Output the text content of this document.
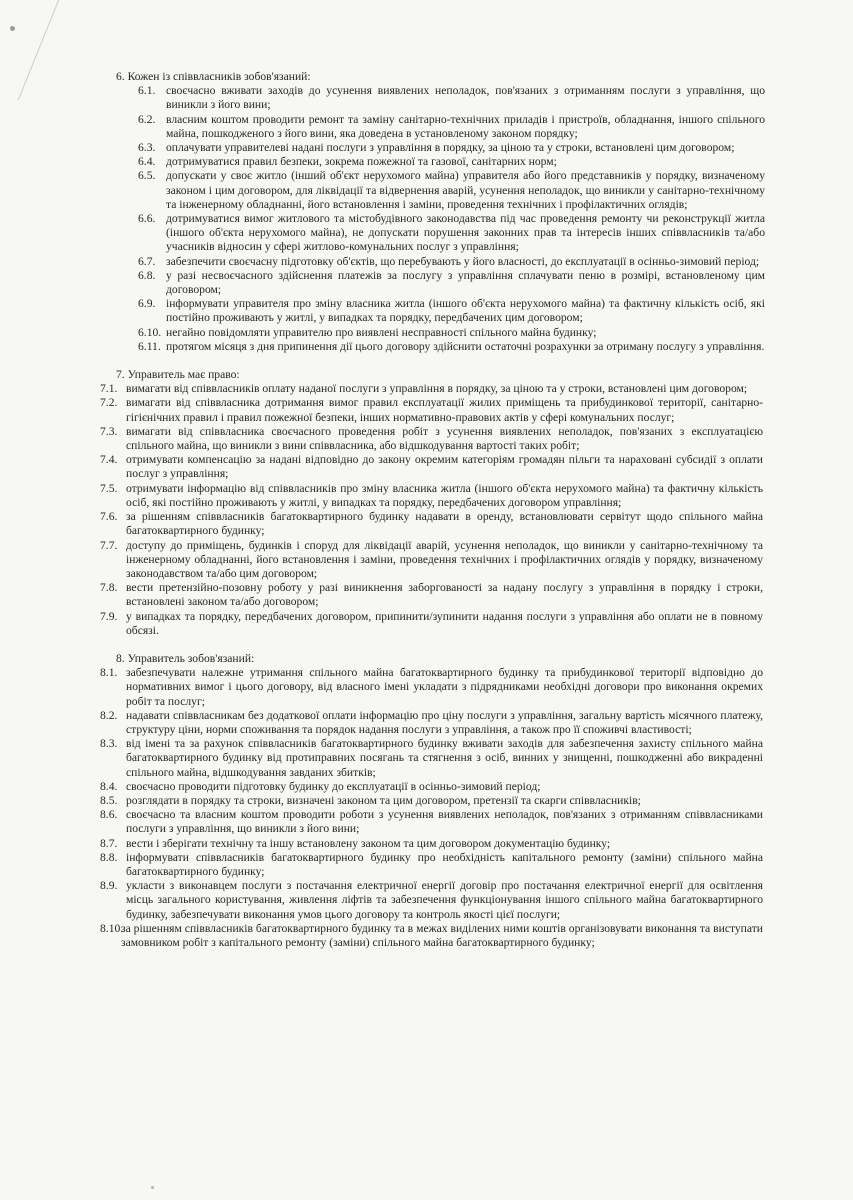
6. Кожен із співвласників зобов'язаний:

6.1. своєчасно вживати заходів до усунення виявлених неполадок, пов'язаних з отриманням послуги з управління, що виникли з його вини;
6.2. власним коштом проводити ремонт та заміну санітарно-технічних приладів і пристроїв, обладнання, іншого спільного майна, пошкодженого з його вини, яка доведена в установленому законом порядку;
6.3. оплачувати управителеві надані послуги з управління в порядку, за ціною та у строки, встановлені цим договором;
6.4. дотримуватися правил безпеки, зокрема пожежної та газової, санітарних норм;
6.5. допускати у своє житло (інший об'єкт нерухомого майна) управителя або його представників у порядку, визначеному законом і цим договором, для ліквідації та відвернення аварій, усунення неполадок, що виникли у санітарно-технічному та інженерному обладнанні, його встановлення і заміни, проведення технічних і профілактичних оглядів;
6.6. дотримуватися вимог житлового та містобудівного законодавства під час проведення ремонту чи реконструкції житла (іншого об'єкта нерухомого майна), не допускати порушення законних прав та інтересів інших співвласників та/або учасників відносин у сфері житлово-комунальних послуг з управління;
6.7. забезпечити своєчасну підготовку об'єктів, що перебувають у його власності, до експлуатації в осінньо-зимовий період;
6.8. у разі несвоєчасного здійснення платежів за послугу з управління сплачувати пеню в розмірі, встановленому цим договором;
6.9. інформувати управителя про зміну власника житла (іншого об'єкта нерухомого майна) та фактичну кількість осіб, які постійно проживають у житлі, у випадках та порядку, передбачених цим договором;
6.10. негайно повідомляти управителю про виявлені несправності спільного майна будинку;
6.11. протягом місяця з дня припинення дії цього договору здійснити остаточні розрахунки за отриману послугу з управління.

7. Управитель має право:

7.1. вимагати від співвласників оплату наданої послуги з управління в порядку, за ціною та у строки, встановлені цим договором;
7.2. вимагати від співвласника дотримання вимог правил експлуатації жилих приміщень та прибудинкової території, санітарно-гігієнічних правил і правил пожежної безпеки, інших нормативно-правових актів у сфері комунальних послуг;
7.3. вимагати від співвласника своєчасного проведення робіт з усунення виявлених неполадок, пов'язаних з експлуатацією спільного майна, що виникли з вини співвласника, або відшкодування вартості таких робіт;
7.4. отримувати компенсацію за надані відповідно до закону окремим категоріям громадян пільги та нараховані субсидії з оплати послуг з управління;
7.5. отримувати інформацію від співвласників про зміну власника житла (іншого об'єкта нерухомого майна) та фактичну кількість осіб, які постійно проживають у житлі, у випадках та порядку, передбачених договором управління;
7.6. за рішенням співвласників багатоквартирного будинку надавати в оренду, встановлювати сервітут щодо спільного майна багатоквартирного будинку;
7.7. доступу до приміщень, будинків і споруд для ліквідації аварій, усунення неполадок, що виникли у санітарно-технічному та інженерному обладнанні, його встановлення і заміни, проведення технічних і профілактичних оглядів у порядку, визначеному законодавством та/або цим договором;
7.8. вести претензійно-позовну роботу у разі виникнення заборгованості за надану послугу з управління в порядку і строки, встановлені законом та/або договором;
7.9. у випадках та порядку, передбачених договором, припинити/зупинити надання послуги з управління або оплати не в повному обсязі.

8. Управитель зобов'язаний:

8.1. забезпечувати належне утримання спільного майна багатоквартирного будинку та прибудинкової території відповідно до нормативних вимог і цього договору, від власного імені укладати з підрядниками необхідні договори про виконання окремих робіт та послуг;
8.2. надавати співвласникам без додаткової оплати інформацію про ціну послуги з управління, загальну вартість місячного платежу, структуру ціни, норми споживання та порядок надання послуги з управління, а також про її споживчі властивості;
8.3. від імені та за рахунок співвласників багатоквартирного будинку вживати заходів для забезпечення захисту спільного майна багатоквартирного будинку від протиправних посягань та стягнення з осіб, винних у знищенні, пошкодженні або викраденні спільного майна, відшкодування завданих збитків;
8.4. своєчасно проводити підготовку будинку до експлуатації в осінньо-зимовий період;
8.5. розглядати в порядку та строки, визначені законом та цим договором, претензії та скарги співвласників;
8.6. своєчасно та власним коштом проводити роботи з усунення виявлених неполадок, пов'язаних з отриманням співвласниками послуги з управління, що виникли з його вини;
8.7. вести і зберігати технічну та іншу встановлену законом та цим договором документацію будинку;
8.8. інформувати співвласників багатоквартирного будинку про необхідність капітального ремонту (заміни) спільного майна багатоквартирного будинку;
8.9. укласти з виконавцем послуги з постачання електричної енергії договір про постачання електричної енергії для освітлення місць загального користування, живлення ліфтів та забезпечення функціонування іншого спільного майна багатоквартирного будинку, забезпечувати виконання умов цього договору та контроль якості цієї послуги;
8.10.
за рішенням співвласників багатоквартирного будинку та в межах виділених ними коштів організовувати виконання та виступати замовником робіт з капітального ремонту (заміни) спільного майна багатоквартирного будинку;
